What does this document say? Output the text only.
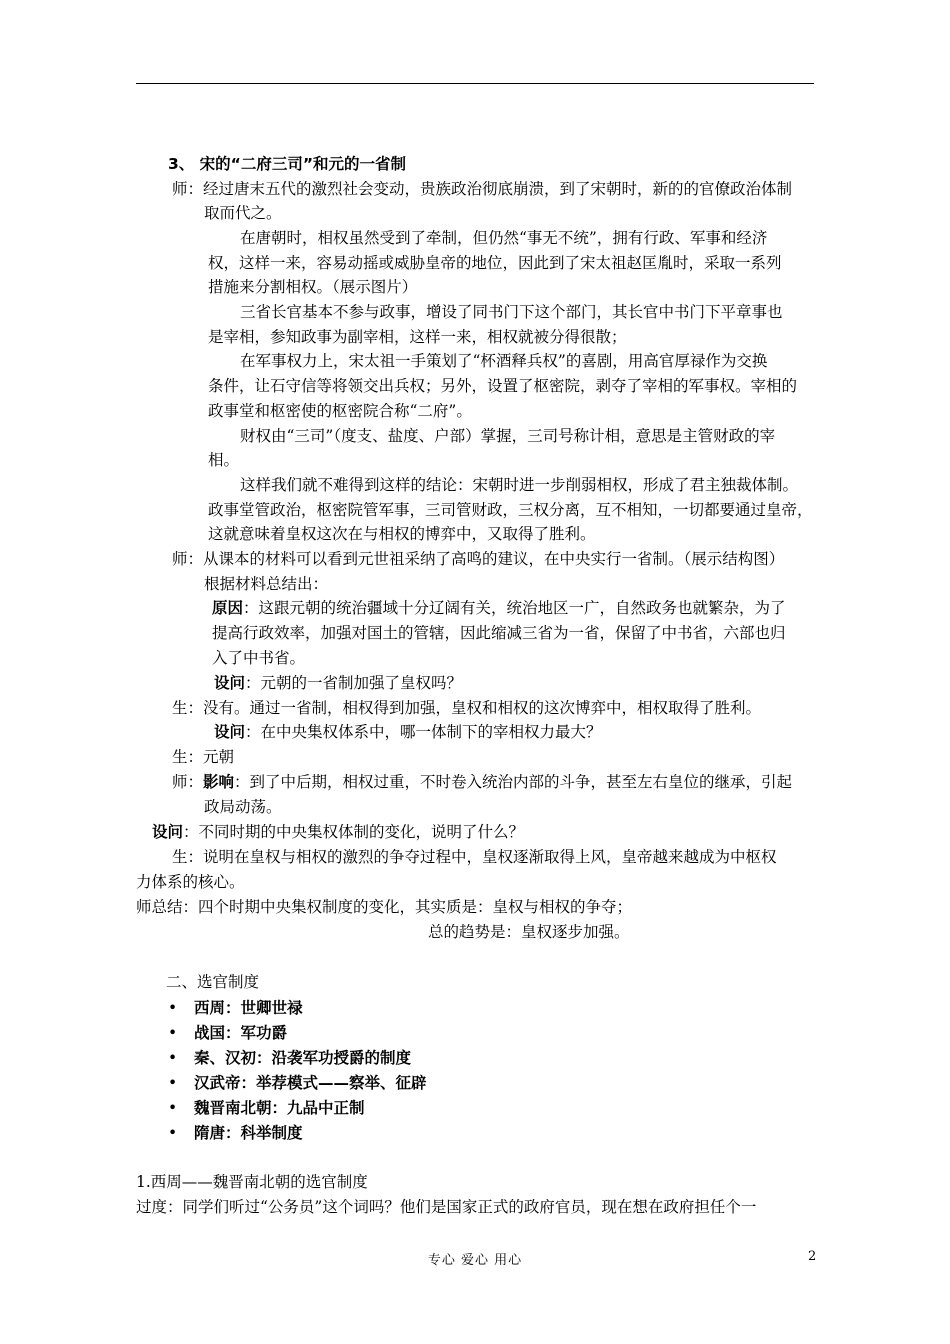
3、 宋的“二府三司”和元的一省制
师：经过唐末五代的激烈社会变动，贵族政治彻底崩溃，到了宋朝时，新的的官僚政治体制
取而代之。
在唐朝时，相权虽然受到了牵制，但仍然“事无不统”，拥有行政、军事和经济
权，这样一来，容易动摇或威胁皇帝的地位，因此到了宋太祖赵匡胤时，采取一系列
措施来分割相权。（展示图片）
三省长官基本不参与政事，增设了同书门下这个部门，其长官中书门下平章事也
是宰相，参知政事为副宰相，这样一来，相权就被分得很散；
在军事权力上，宋太祖一手策划了“杯酒释兵权”的喜剧，用高官厚禄作为交换
条件，让石守信等将领交出兵权；另外，设置了枢密院，剥夺了宰相的军事权。宰相的
政事堂和枢密使的枢密院合称“二府”。
财权由“三司”（度支、盐度、户部）掌握，三司号称计相，意思是主管财政的宰
相。
这样我们就不难得到这样的结论：宋朝时进一步削弱相权，形成了君主独裁体制。
政事堂管政治，枢密院管军事，三司管财政，三权分离，互不相知，一切都要通过皇帝，
这就意味着皇权这次在与相权的博弈中，又取得了胜利。
师：从课本的材料可以看到元世祖采纳了高鸣的建议，在中央实行一省制。（展示结构图）
根据材料总结出：
原因：这跟元朝的统治疆域十分辽阔有关，统治地区一广，自然政务也就繁杂，为了
提高行政效率，加强对国土的管辖，因此缩减三省为一省，保留了中书省，六部也归
入了中书省。
设问：元朝的一省制加强了皇权吗？
生：没有。通过一省制，相权得到加强，皇权和相权的这次博弈中，相权取得了胜利。
设问：在中央集权体系中，哪一体制下的宰相权力最大？
生：元朝
师：影响：到了中后期，相权过重，不时卷入统治内部的斗争，甚至左右皇位的继承，引起
政局动荡。
设问：不同时期的中央集权体制的变化，说明了什么？
生：说明在皇权与相权的激烈的争夺过程中，皇权逐渐取得上风，皇帝越来越成为中枢权
力体系的核心。
师总结：四个时期中央集权制度的变化，其实质是：皇权与相权的争夺；
总的趋势是：皇权逐步加强。
二、选官制度
• 西周：世卿世禄
• 战国：军功爵
• 秦、汉初：沿袭军功授爵的制度
• 汉武帝：举荐模式——察举、征辟
• 魏晋南北朝：九品中正制
• 隋唐：科举制度
1.西周——魏晋南北朝的选官制度
过度：同学们听过“公务员”这个词吗？他们是国家正式的政府官员，现在想在政府担任个一
专心 爱心 用心	2
